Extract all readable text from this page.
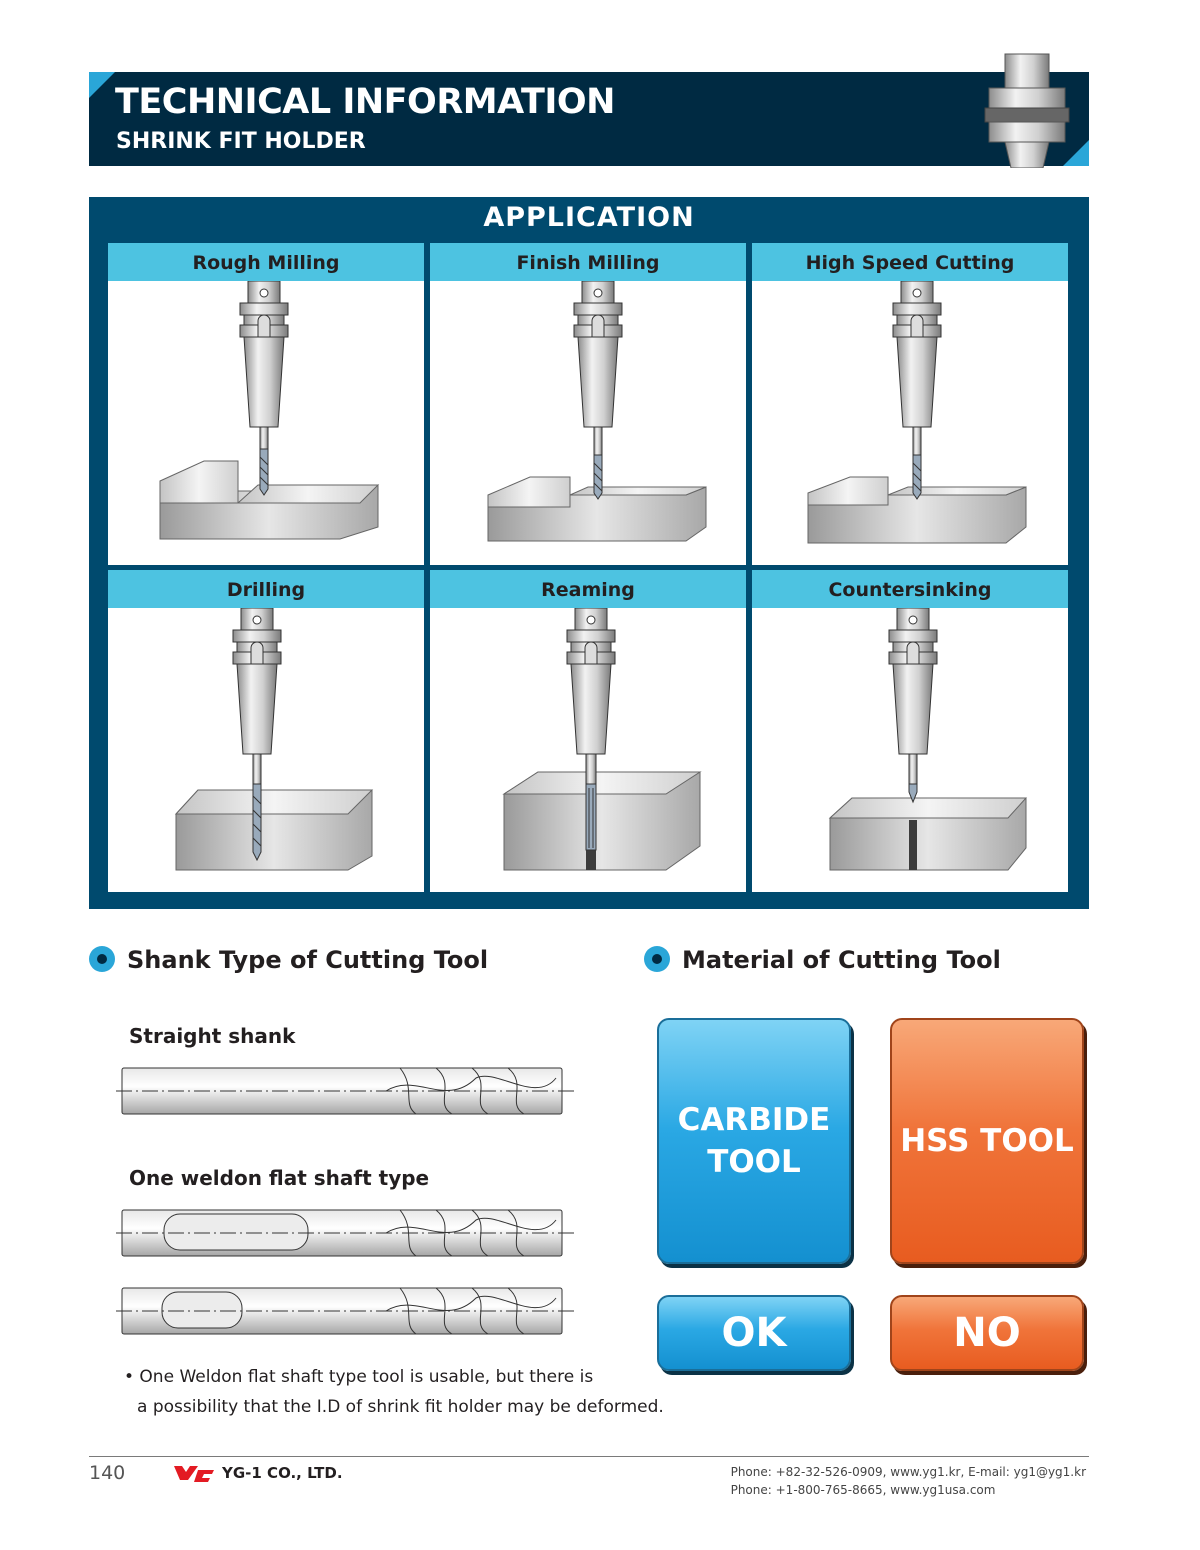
TECHNICAL INFORMATION
SHRINK FIT HOLDER
APPLICATION
Rough Milling	Finish Milling	High Speed Cutting
Drilling	Reaming	Countersinking
Shank Type of Cutting Tool
Straight shank
One weldon flat shaft type
• One Weldon flat shaft type tool is usable, but there is
a possibility that the I.D of shrink fit holder may be deformed.
Material of Cutting Tool
CARBIDE
TOOL
HSS TOOL
OK	NO
140	YG-1 CO., LTD.	Phone: +82-32-526-0909, www.yg1.kr, E-mail: yg1@yg1.kr
Phone: +1-800-765-8665, www.yg1usa.com
